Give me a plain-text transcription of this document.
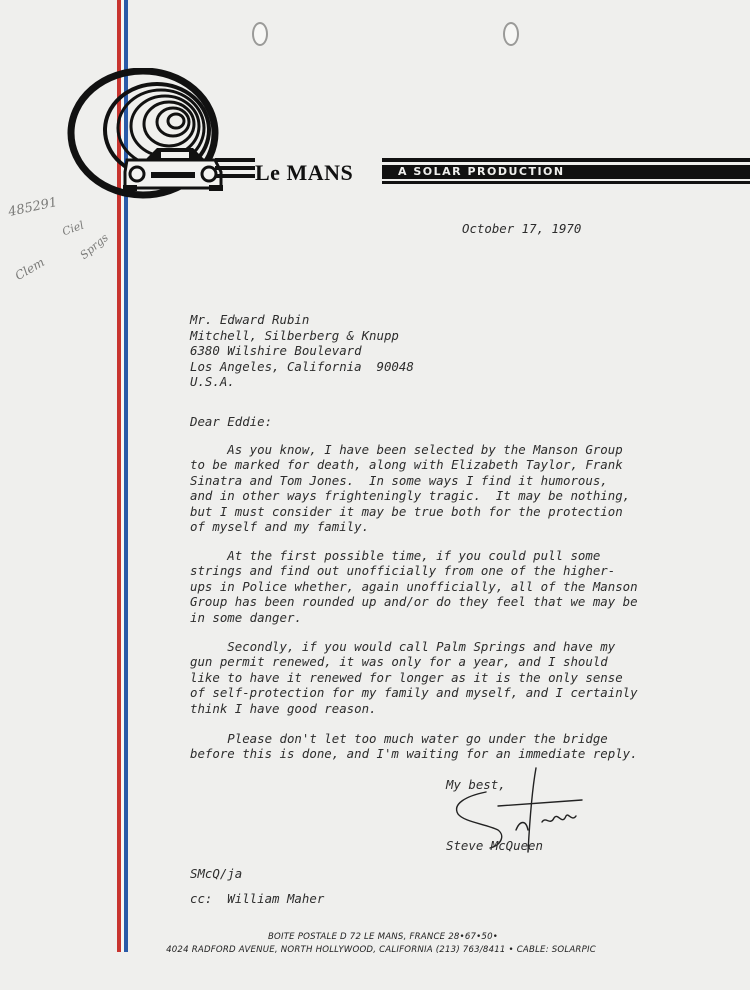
Le MANS	A SOLAR PRODUCTION
485291
Ciel
Sprgs
Clem
October 17, 1970
Mr. Edward Rubin
Mitchell, Silberberg & Knupp
6380 Wilshire Boulevard
Los Angeles, California  90048
U.S.A.
Dear Eddie:
As you know, I have been selected by the Manson Group
to be marked for death, along with Elizabeth Taylor, Frank
Sinatra and Tom Jones.  In some ways I find it humorous,
and in other ways frighteningly tragic.  It may be nothing,
but I must consider it may be true both for the protection
of myself and my family.
At the first possible time, if you could pull some
strings and find out unofficially from one of the higher-
ups in Police whether, again unofficially, all of the Manson
Group has been rounded up and/or do they feel that we may be
in some danger.
Secondly, if you would call Palm Springs and have my
gun permit renewed, it was only for a year, and I should
like to have it renewed for longer as it is the only sense
of self-protection for my family and myself, and I certainly
think I have good reason.
Please don't let too much water go under the bridge
before this is done, and I'm waiting for an immediate reply.
My best,
Steve McQueen
SMcQ/ja
cc:  William Maher
BOITE POSTALE D 72 LE MANS, FRANCE 28•67•50•
4024 RADFORD AVENUE, NORTH HOLLYWOOD, CALIFORNIA (213) 763/8411 • CABLE: SOLARPIC
